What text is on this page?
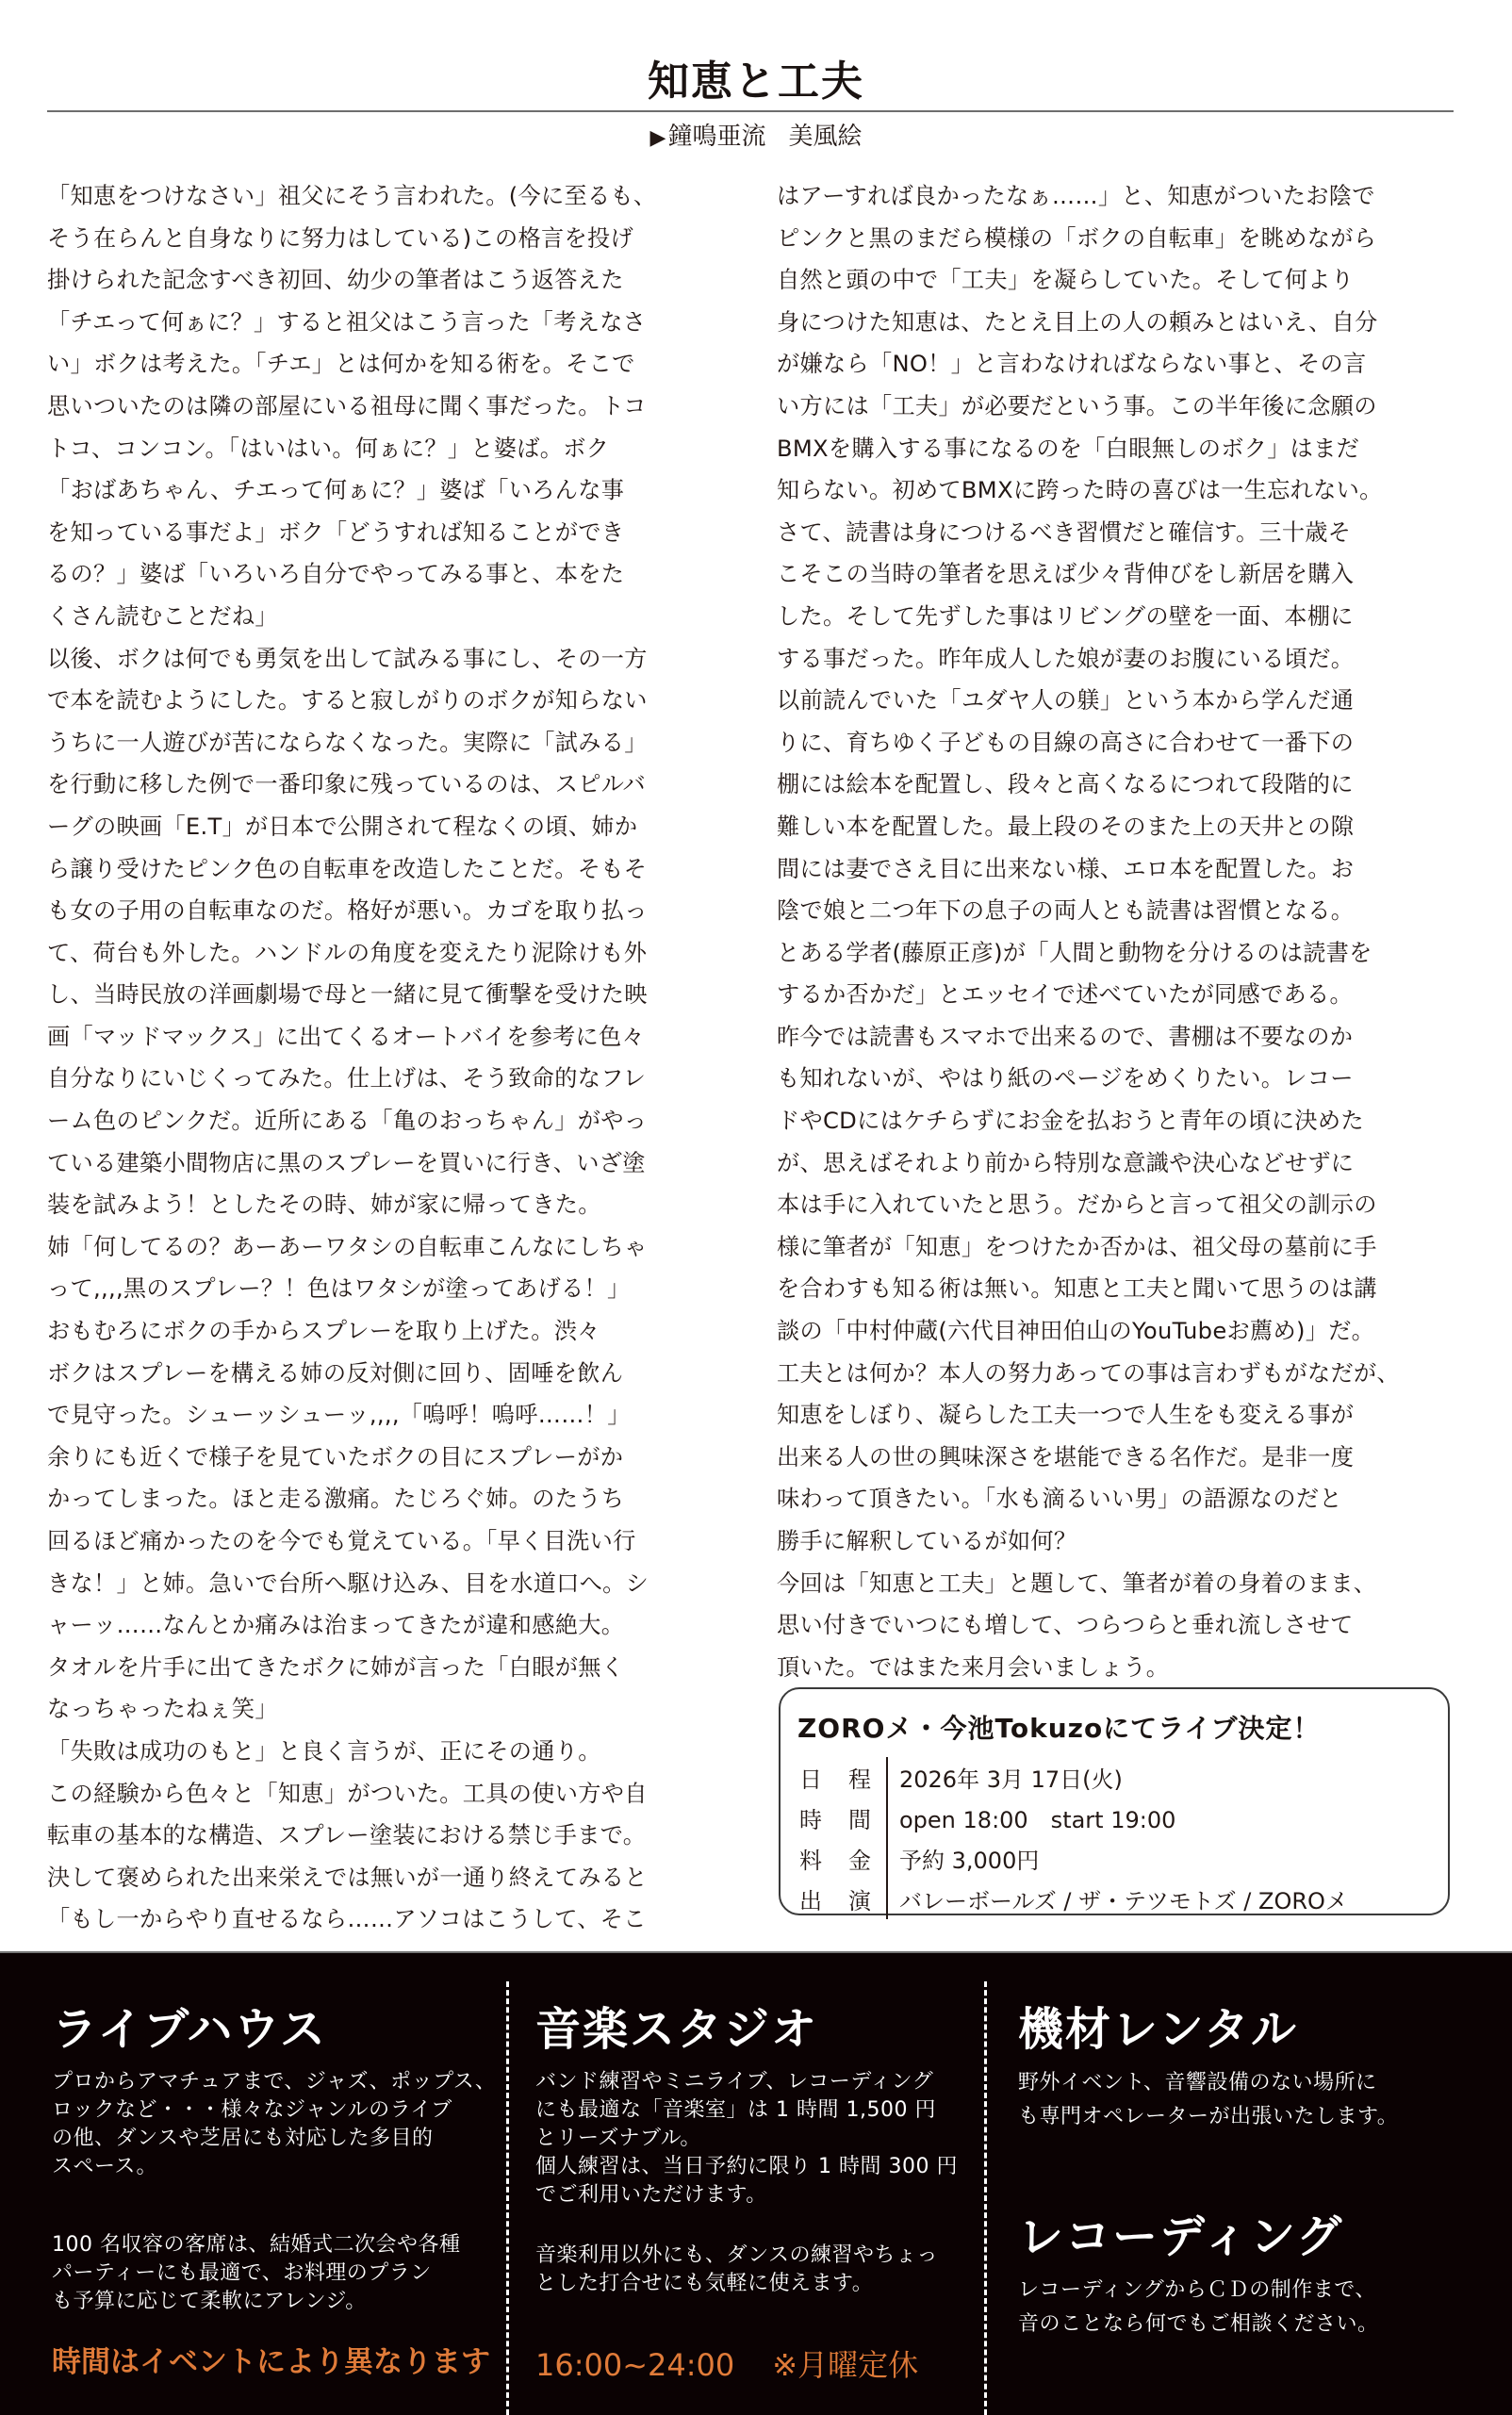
知恵と工夫
▶鐘鳴亜流 美風絵
「知恵をつけなさい」祖父にそう言われた。(今に至るも、
そう在らんと自身なりに努力はしている)この格言を投げ
掛けられた記念すべき初回、幼少の筆者はこう返答えた
「チエって何ぁに？」すると祖父はこう言った「考えなさ
い」ボクは考えた。「チエ」とは何かを知る術を。そこで
思いついたのは隣の部屋にいる祖母に聞く事だった。トコ
トコ、コンコン。「はいはい。何ぁに？」と婆ば。ボク
「おばあちゃん、チエって何ぁに？」婆ば「いろんな事
を知っている事だよ」ボク「どうすれば知ることができ
るの？」婆ば「いろいろ自分でやってみる事と、本をた
くさん読むことだね」
以後、ボクは何でも勇気を出して試みる事にし、その一方
で本を読むようにした。すると寂しがりのボクが知らない
うちに一人遊びが苦にならなくなった。実際に「試みる」
を行動に移した例で一番印象に残っているのは、スピルバ
ーグの映画「E.T」が日本で公開されて程なくの頃、姉か
ら譲り受けたピンク色の自転車を改造したことだ。そもそ
も女の子用の自転車なのだ。格好が悪い。カゴを取り払っ
て、荷台も外した。ハンドルの角度を変えたり泥除けも外
し、当時民放の洋画劇場で母と一緒に見て衝撃を受けた映
画「マッドマックス」に出てくるオートバイを参考に色々
自分なりにいじくってみた。仕上げは、そう致命的なフレ
ーム色のピンクだ。近所にある「亀のおっちゃん」がやっ
ている建築小間物店に黒のスプレーを買いに行き、いざ塗
装を試みよう！としたその時、姉が家に帰ってきた。
姉「何してるの？あーあーワタシの自転車こんなにしちゃ
って,,,,黒のスプレー？！色はワタシが塗ってあげる！」
おもむろにボクの手からスプレーを取り上げた。渋々
ボクはスプレーを構える姉の反対側に回り、固唾を飲ん
で見守った。シューッシューッ,,,,「嗚呼！嗚呼……！」
余りにも近くで様子を見ていたボクの目にスプレーがか
かってしまった。ほと走る激痛。たじろぐ姉。のたうち
回るほど痛かったのを今でも覚えている。「早く目洗い行
きな！」と姉。急いで台所へ駆け込み、目を水道口へ。シ
ャーッ……なんとか痛みは治まってきたが違和感絶大。
タオルを片手に出てきたボクに姉が言った「白眼が無く
なっちゃったねぇ笑」
「失敗は成功のもと」と良く言うが、正にその通り。
この経験から色々と「知恵」がついた。工具の使い方や自
転車の基本的な構造、スプレー塗装における禁じ手まで。
決して褒められた出来栄えでは無いが一通り終えてみると
「もし一からやり直せるなら……アソコはこうして、そこ
はアーすれば良かったなぁ……」と、知恵がついたお陰で
ピンクと黒のまだら模様の「ボクの自転車」を眺めながら
自然と頭の中で「工夫」を凝らしていた。そして何より
身につけた知恵は、たとえ目上の人の頼みとはいえ、自分
が嫌なら「NO！」と言わなければならない事と、その言
い方には「工夫」が必要だという事。この半年後に念願の
BMXを購入する事になるのを「白眼無しのボク」はまだ
知らない。初めてBMXに跨った時の喜びは一生忘れない。
さて、読書は身につけるべき習慣だと確信す。三十歳そ
こそこの当時の筆者を思えば少々背伸びをし新居を購入
した。そして先ずした事はリビングの壁を一面、本棚に
する事だった。昨年成人した娘が妻のお腹にいる頃だ。
以前読んでいた「ユダヤ人の躾」という本から学んだ通
りに、育ちゆく子どもの目線の高さに合わせて一番下の
棚には絵本を配置し、段々と高くなるにつれて段階的に
難しい本を配置した。最上段のそのまた上の天井との隙
間には妻でさえ目に出来ない様、エロ本を配置した。お
陰で娘と二つ年下の息子の両人とも読書は習慣となる。
とある学者(藤原正彦)が「人間と動物を分けるのは読書を
するか否かだ」とエッセイで述べていたが同感である。
昨今では読書もスマホで出来るので、書棚は不要なのか
も知れないが、やはり紙のページをめくりたい。レコー
ドやCDにはケチらずにお金を払おうと青年の頃に決めた
が、思えばそれより前から特別な意識や決心などせずに
本は手に入れていたと思う。だからと言って祖父の訓示の
様に筆者が「知恵」をつけたか否かは、祖父母の墓前に手
を合わすも知る術は無い。知恵と工夫と聞いて思うのは講
談の「中村仲蔵(六代目神田伯山のYouTubeお薦め)」だ。
工夫とは何か？本人の努力あっての事は言わずもがなだが、
知恵をしぼり、凝らした工夫一つで人生をも変える事が
出来る人の世の興味深さを堪能できる名作だ。是非一度
味わって頂きたい。「水も滴るいい男」の語源なのだと
勝手に解釈しているが如何？
今回は「知恵と工夫」と題して、筆者が着の身着のまま、
思い付きでいつにも増して、つらつらと垂れ流しさせて
頂いた。ではまた来月会いましょう。
ZOROメ・今池Tokuzoにてライブ決定！
日 程 2026年 3月 17日(火)
時 間 open 18:00　start 19:00
料 金 予約 3,000円
出 演 バレーボールズ / ザ・テツモトズ / ZOROメ
ライブハウス
プロからアマチュアまで、ジャズ、ポップス、
ロックなど・・・様々なジャンルのライブ
の他、ダンスや芝居にも対応した多目的
スペース。
100 名収容の客席は、結婚式二次会や各種
パーティーにも最適で、お料理のプラン
も予算に応じて柔軟にアレンジ。
時間はイベントにより異なります
音楽スタジオ
バンド練習やミニライブ、レコーディング
にも最適な「音楽室」は 1 時間 1,500 円
とリーズナブル。
個人練習は、当日予約に限り 1 時間 300 円
でご利用いただけます。
音楽利用以外にも、ダンスの練習やちょっ
とした打合せにも気軽に使えます。
16:00~24:00 ※月曜定休
機材レンタル
野外イベント、音響設備のない場所に
も専門オペレーターが出張いたします。
レコーディング
レコーディングからＣＤの制作まで、
音のことなら何でもご相談ください。
